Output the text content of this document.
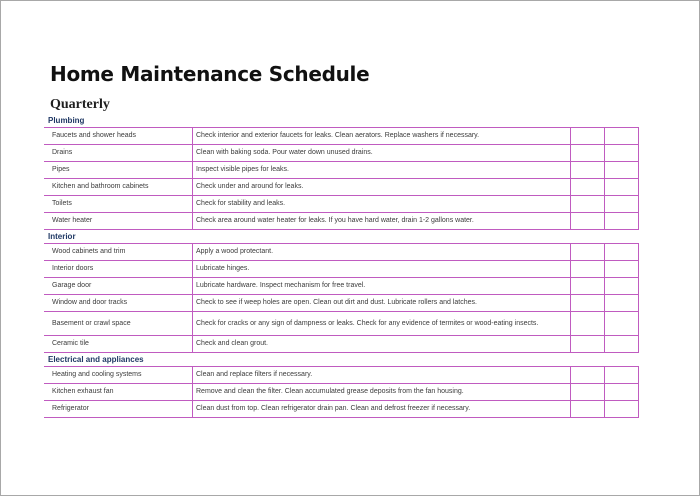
Home Maintenance Schedule
Quarterly
Plumbing
Faucets and shower heads	Check interior and exterior faucets for leaks. Clean aerators. Replace washers if necessary.		
Drains	Clean with baking soda. Pour water down unused drains.		
Pipes	Inspect visible pipes for leaks.		
Kitchen and bathroom cabinets	Check under and around for leaks.		
Toilets	Check for stability and leaks.		
Water heater	Check area around water heater for leaks. If you have hard water, drain 1-2 gallons water.		
Interior
Wood cabinets and trim	Apply a wood protectant.		
Interior doors	Lubricate hinges.		
Garage door	Lubricate hardware. Inspect mechanism for free travel.		
Window and door tracks	Check to see if weep holes are open. Clean out dirt and dust. Lubricate rollers and latches.		
Basement or crawl space	Check for cracks or any sign of dampness or leaks. Check for any evidence of termites or wood-eating insects.		
Ceramic tile	Check and clean grout.		
Electrical and appliances
Heating and cooling systems	Clean and replace filters if necessary.		
Kitchen exhaust fan	Remove and clean the filter. Clean accumulated grease deposits from the fan housing.		
Refrigerator	Clean dust from top. Clean refrigerator drain pan. Clean and defrost freezer if necessary.		
